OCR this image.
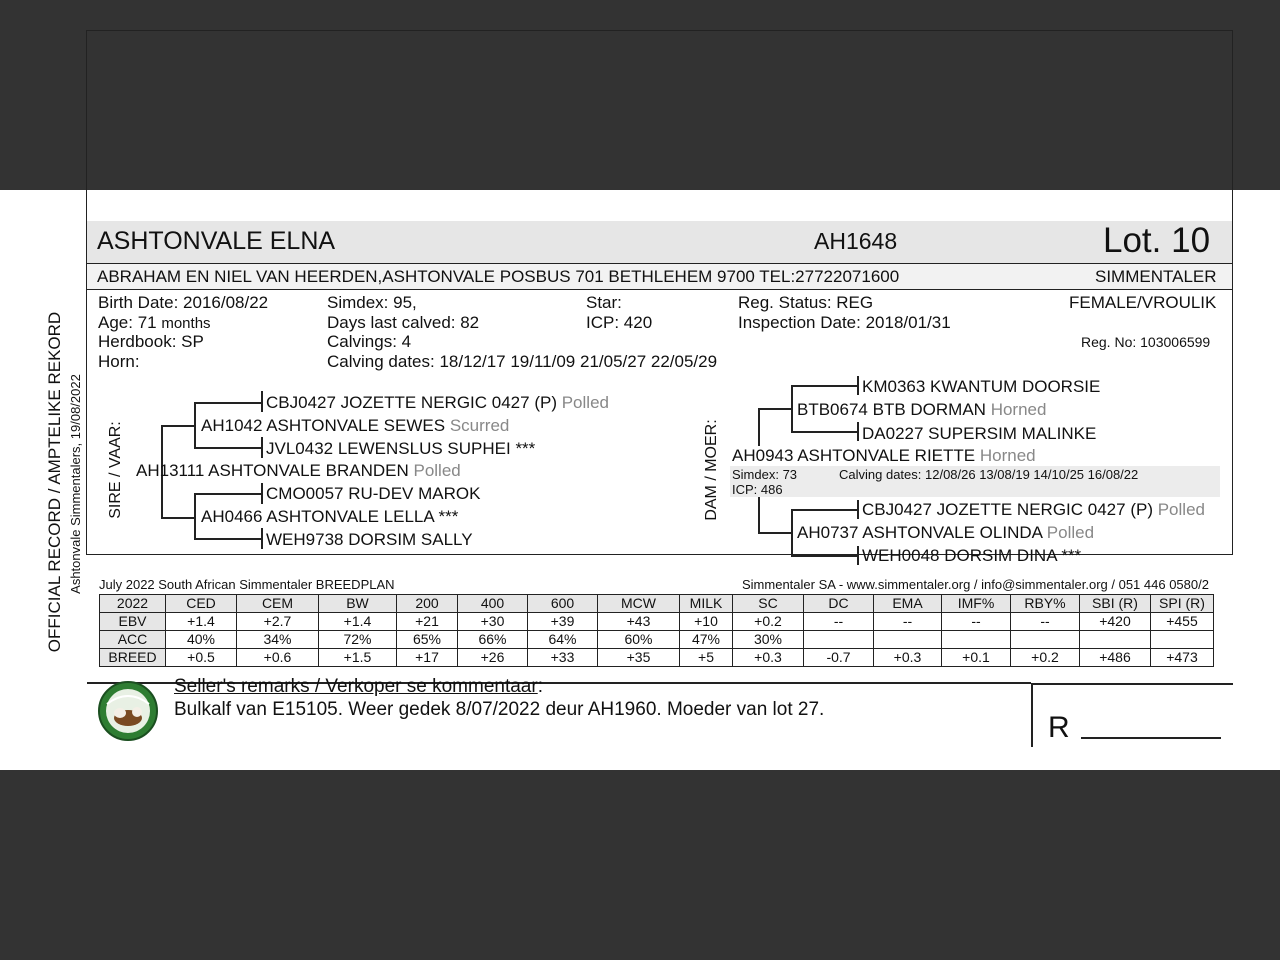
ASHTONVALE ELNA	AH1648	Lot. 10
ABRAHAM EN NIEL VAN HEERDEN,ASHTONVALE POSBUS 701 BETHLEHEM 9700 TEL:27722071600	SIMMENTALER
OFFICIAL RECORD / AMPTELIKE REKORD Ashtonvale Simmentalers, 19/08/2022
Birth Date: 2016/08/22
Age: 71 months
Herdbook: SP
Horn:
Simdex: 95,
Days last calved: 82
Calvings: 4
Calving dates: 18/12/17 19/11/09 21/05/27 22/05/29
Star:
ICP: 420
Reg. Status: REG
Inspection Date: 2018/01/31
FEMALE/VROULIK
Reg. No: 103006599
SIRE / VAAR:
CBJ0427 JOZETTE NERGIC 0427 (P) Polled
AH1042 ASHTONVALE SEWES Scurred
JVL0432 LEWENSLUS SUPHEI ***
AH13111 ASHTONVALE BRANDEN Polled
CMO0057 RU-DEV MAROK
AH0466 ASHTONVALE LELLA ***
WEH9738 DORSIM SALLY
DAM / MOER:
KM0363 KWANTUM DOORSIE
BTB0674 BTB DORMAN Horned
DA0227 SUPERSIM MALINKE
AH0943 ASHTONVALE RIETTE Horned
Simdex: 73	Calving dates: 12/08/26 13/08/19 14/10/25 16/08/22
ICP: 486
CBJ0427 JOZETTE NERGIC 0427 (P) Polled
AH0737 ASHTONVALE OLINDA Polled
WEH0048 DORSIM DINA ***
July 2022 South African Simmentaler BREEDPLAN	Simmentaler SA - www.simmentaler.org / info@simmentaler.org / 051 446 0580/2
2022	CED	CEM	BW	200	400	600	MCW	MILK	SC	DC	EMA	IMF%	RBY%	SBI (R)	SPI (R)
EBV	+1.4	+2.7	+1.4	+21	+30	+39	+43	+10	+0.2	--	--	--	--	+420	+455
ACC	40%	34%	72%	65%	66%	64%	60%	47%	30%						
BREED	+0.5	+0.6	+1.5	+17	+26	+33	+35	+5	+0.3	-0.7	+0.3	+0.1	+0.2	+486	+473
Seller's remarks / Verkoper se kommentaar:
Bulkalf van E15105. Weer gedek 8/07/2022 deur AH1960. Moeder van lot 27.
R
